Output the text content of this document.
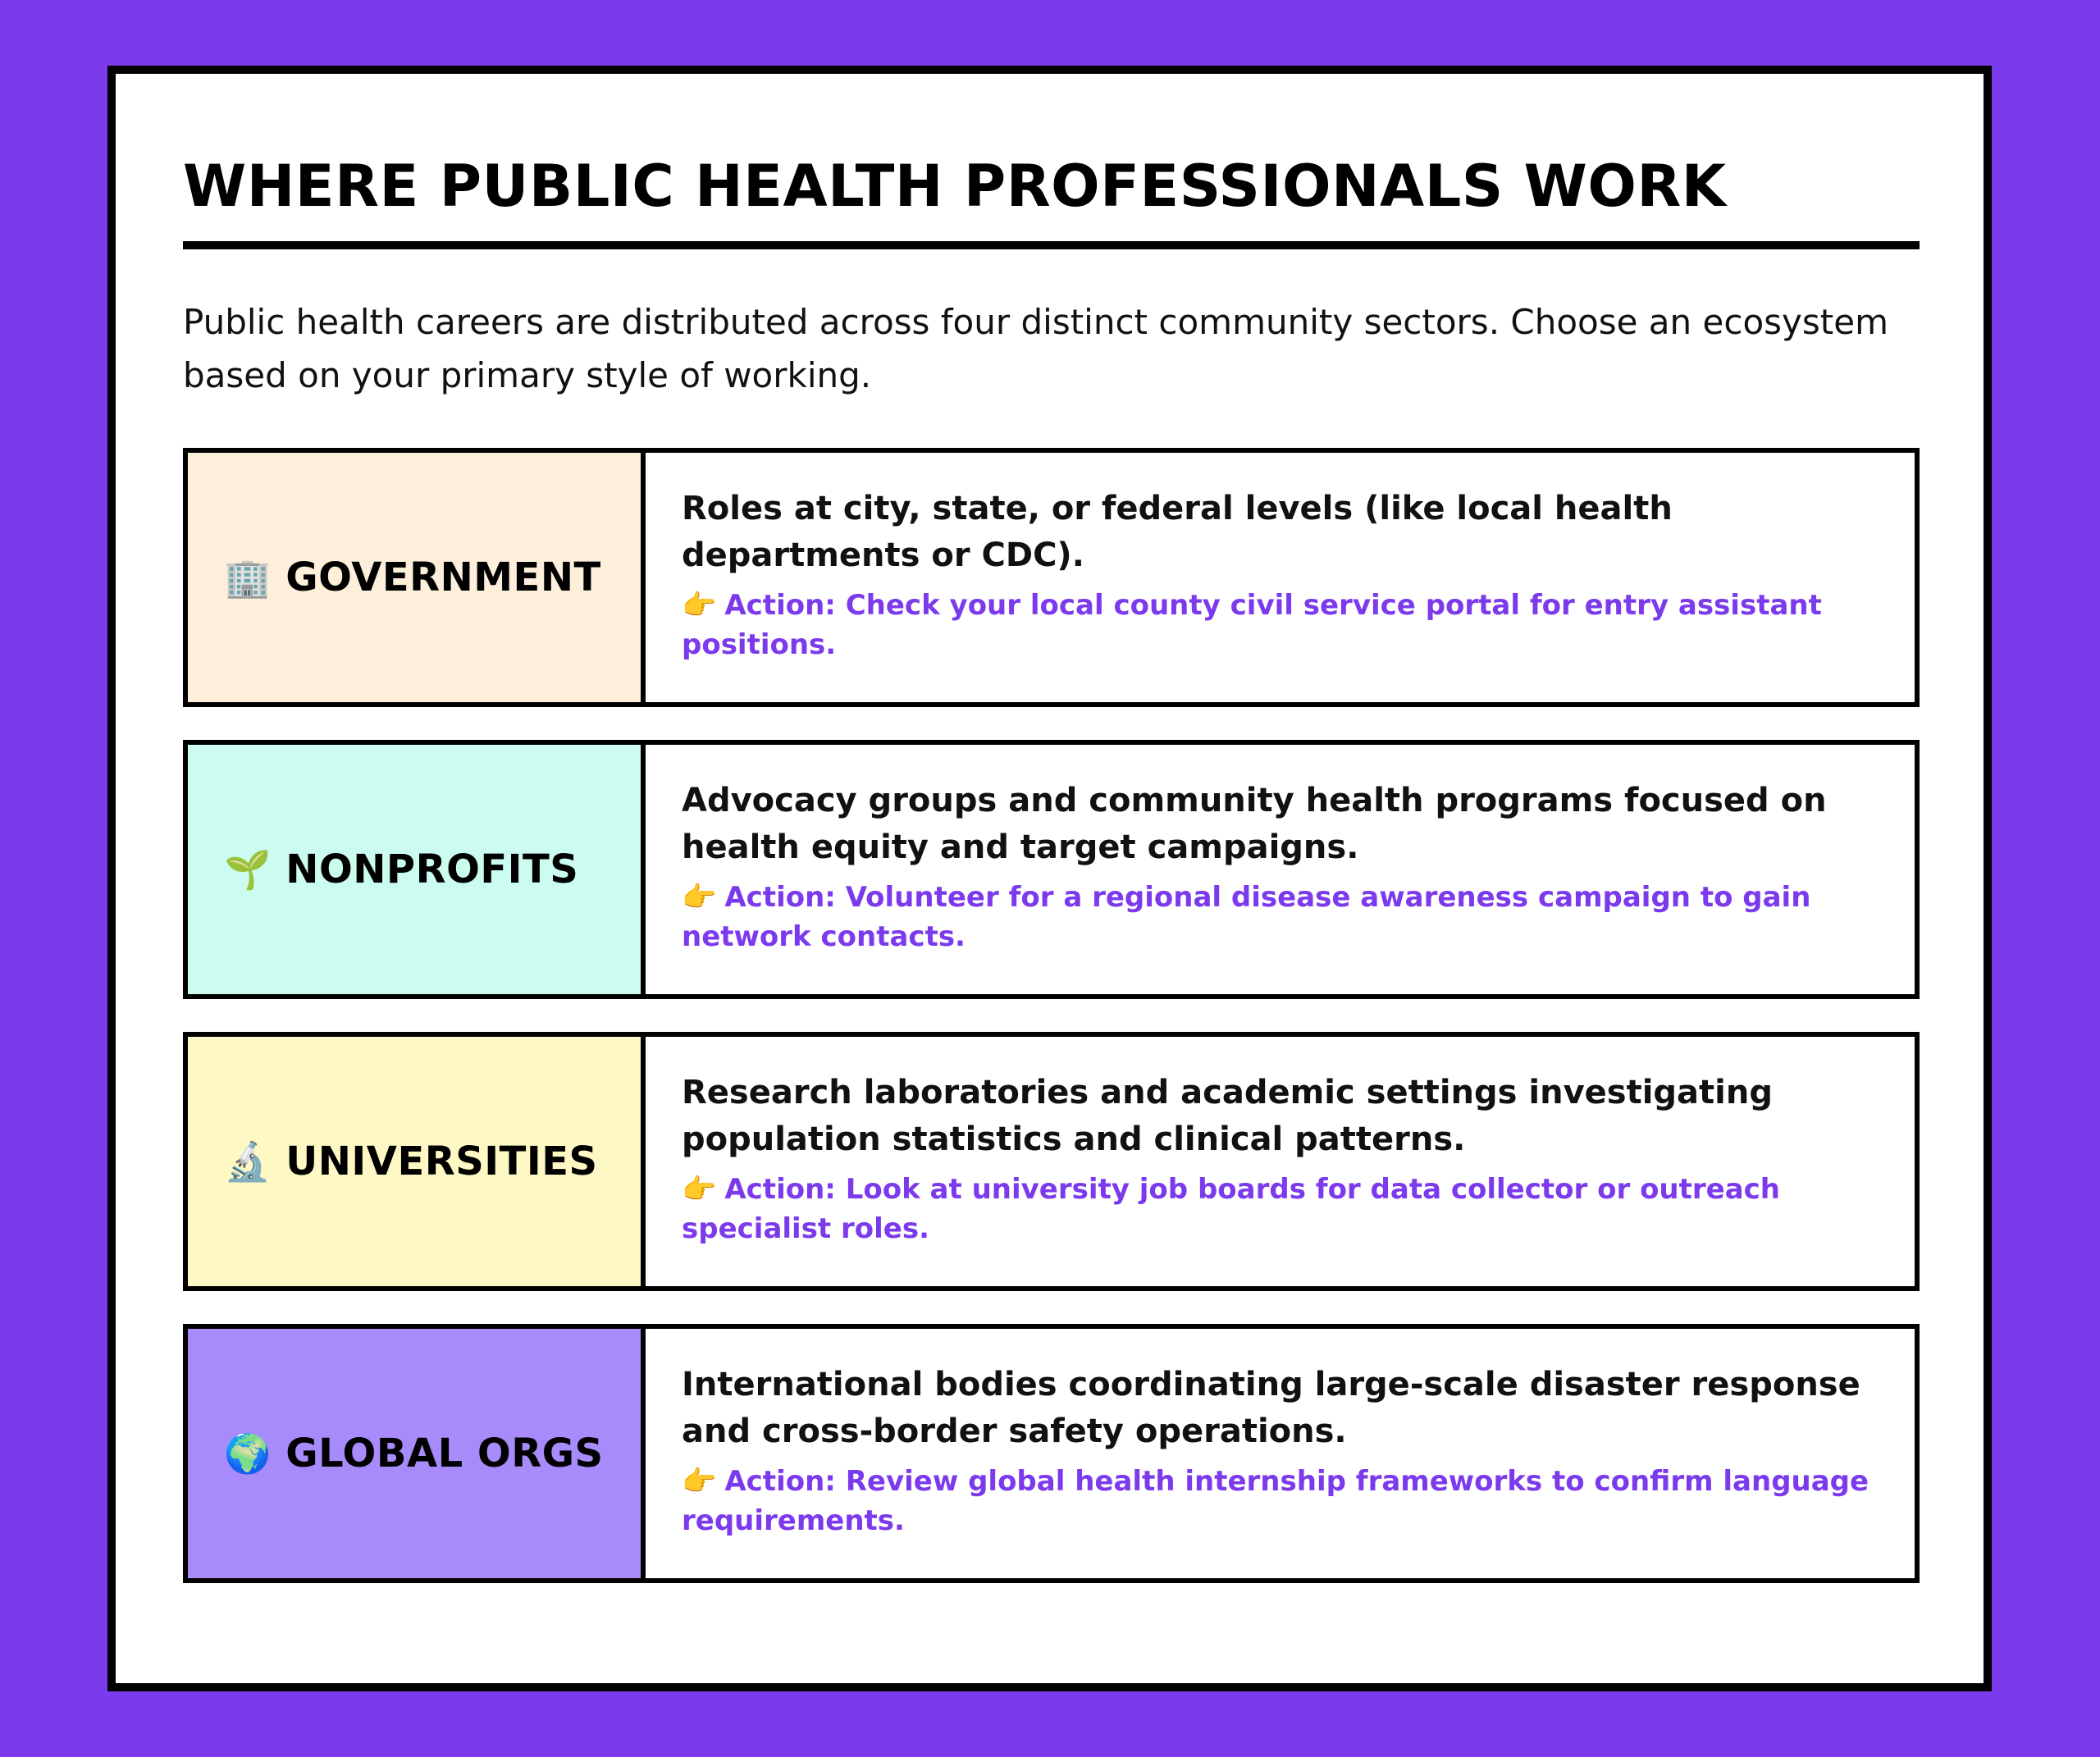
WHERE PUBLIC HEALTH PROFESSIONALS WORK

Public health careers are distributed across four distinct community sectors. Choose an ecosystem based on your primary style of working.

🏢 GOVERNMENT

Roles at city, state, or federal levels (like local health departments or CDC).

👉 Action: Check your local county civil service portal for entry assistant positions.

🌱 NONPROFITS

Advocacy groups and community health programs focused on health equity and target campaigns.

👉 Action: Volunteer for a regional disease awareness campaign to gain network contacts.

🔬 UNIVERSITIES

Research laboratories and academic settings investigating population statistics and clinical patterns.

👉 Action: Look at university job boards for data collector or outreach specialist roles.

🌍 GLOBAL ORGS

International bodies coordinating large-scale disaster response and cross-border safety operations.

👉 Action: Review global health internship frameworks to confirm language requirements.
